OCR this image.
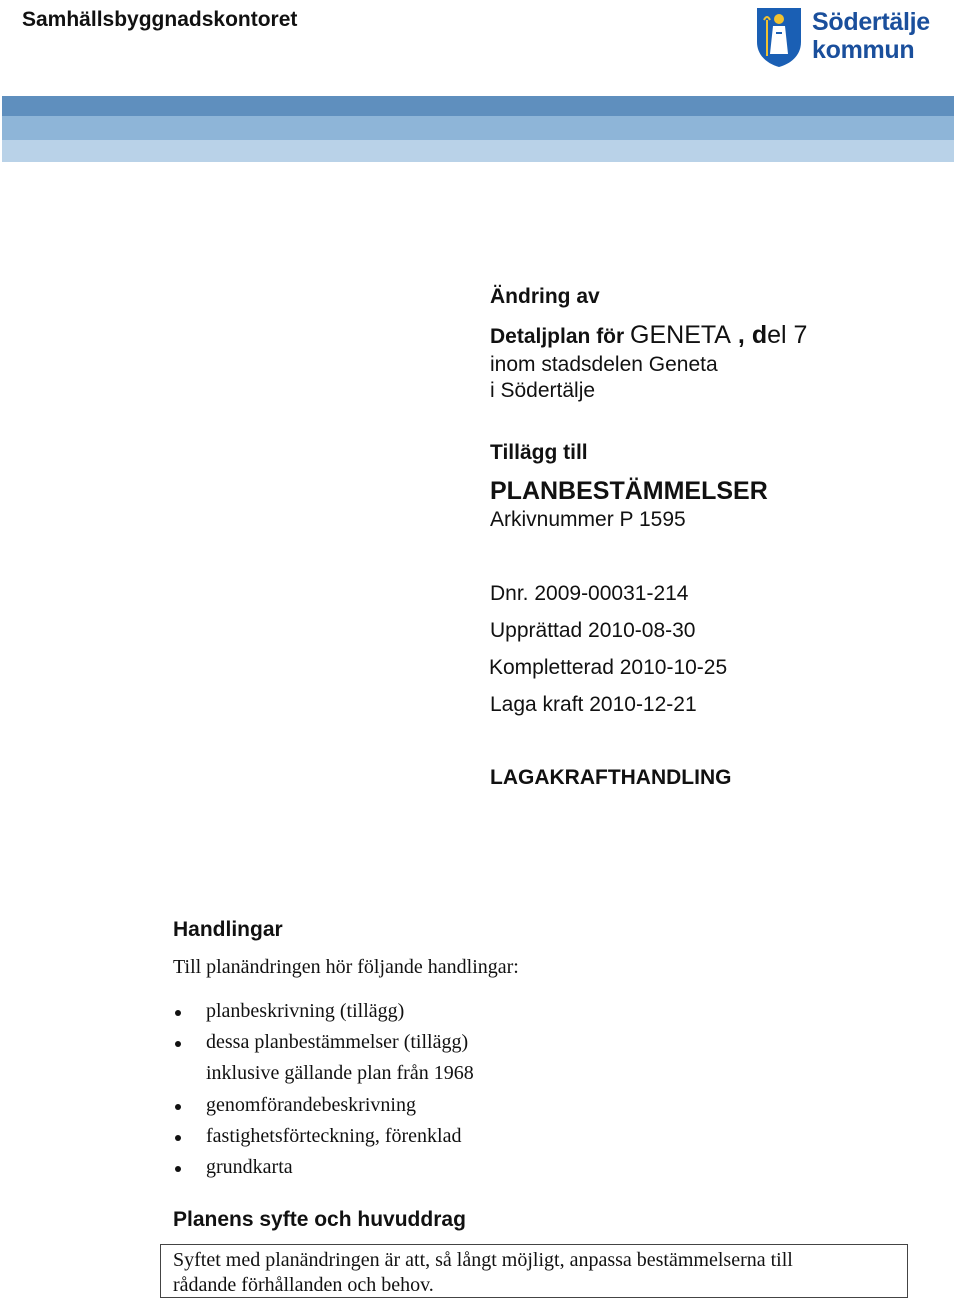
Samhällsbyggnadskontoret	Södertälje
kommun
Ändring av
Detaljplan för GENETA , del 7
inom stadsdelen Geneta
i Södertälje
Tillägg till
PLANBESTÄMMELSER
Arkivnummer P 1595
Dnr. 2009-00031-214
Upprättad 2010-08-30
Kompletterad 2010-10-25
Laga kraft 2010-12-21
LAGAKRAFTHANDLING
Handlingar
Till planändringen hör följande handlingar:
planbeskrivning (tillägg)
dessa planbestämmelser (tillägg)
inklusive gällande plan från 1968
genomförandebeskrivning
fastighetsförteckning, förenklad
grundkarta
Planens syfte och huvuddrag
Syftet med planändringen är att, så långt möjligt, anpassa bestämmelserna till
rådande förhållanden och behov.
